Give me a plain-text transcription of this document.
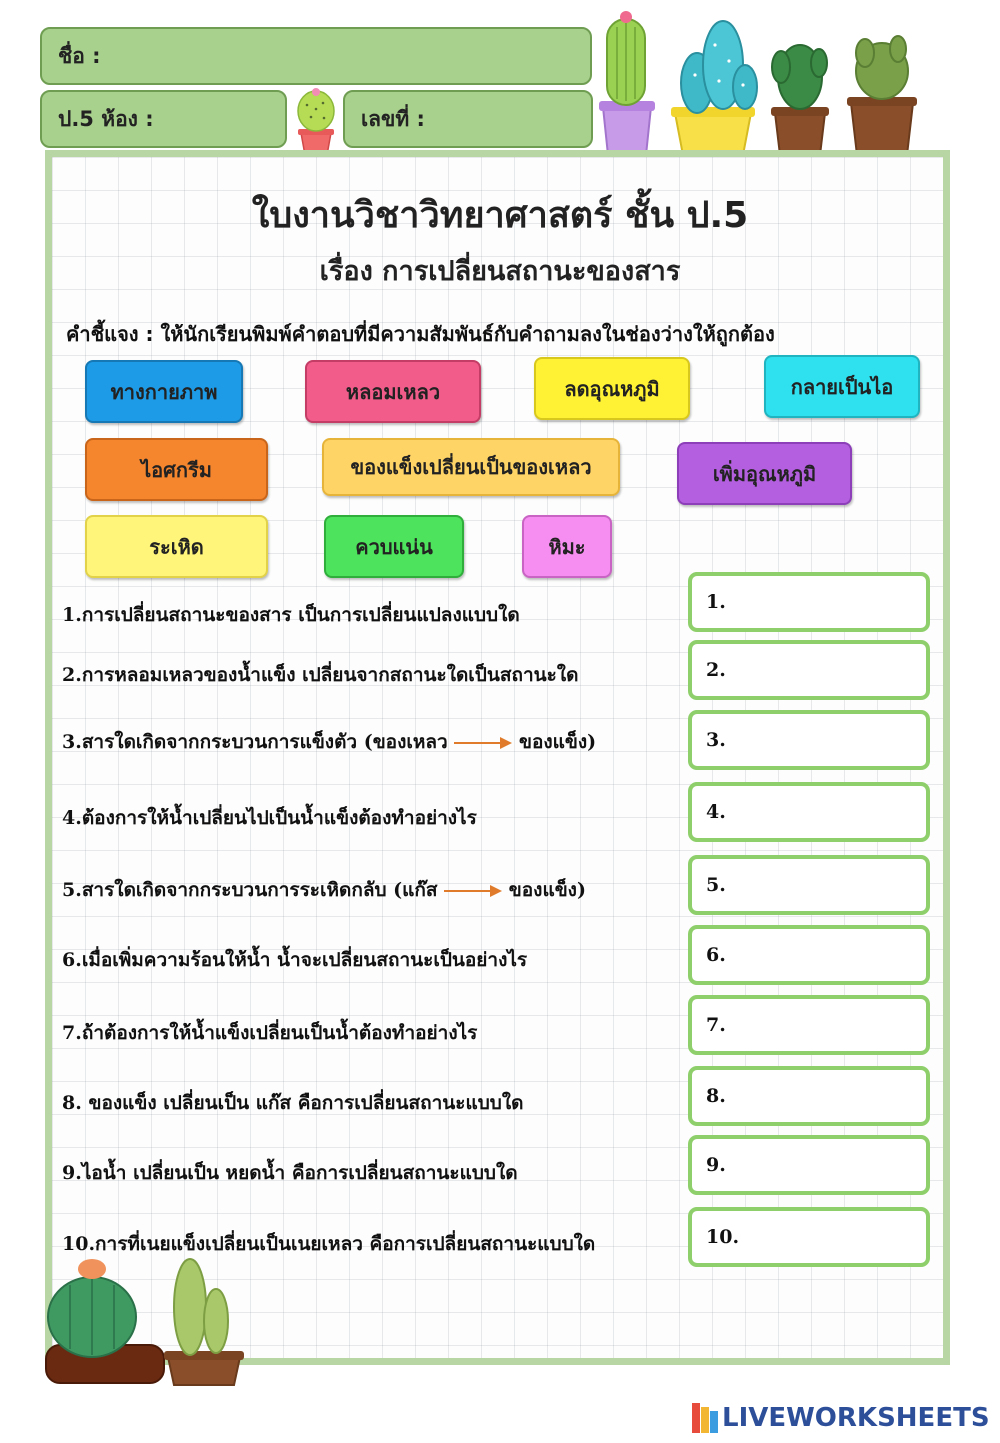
ชื่อ :
ป.5 ห้อง :	เลขที่ :
ใบงานวิชาวิทยาศาสตร์ ชั้น ป.5
เรื่อง การเปลี่ยนสถานะของสาร
คำชี้แจง : ให้นักเรียนพิมพ์คำตอบที่มีความสัมพันธ์กับคำถามลงในช่องว่างให้ถูกต้อง
ทางกายภาพ	หลอมเหลว	ลดอุณหภูมิ	กลายเป็นไอ
ไอศกรีม	ของแข็งเปลี่ยนเป็นของเหลว	เพิ่มอุณหภูมิ
ระเหิด	ควบแน่น	หิมะ
1.การเปลี่ยนสถานะของสาร เป็นการเปลี่ยนแปลงแบบใด
2.การหลอมเหลวของน้ำแข็ง เปลี่ยนจากสถานะใดเป็นสถานะใด
3.สารใดเกิดจากกระบวนการแข็งตัว (ของเหลว	ของแข็ง)
4.ต้องการให้น้ำเปลี่ยนไปเป็นน้ำแข็งต้องทำอย่างไร
5.สารใดเกิดจากกระบวนการระเหิดกลับ (แก๊ส	ของแข็ง)
6.เมื่อเพิ่มความร้อนให้น้ำ น้ำจะเปลี่ยนสถานะเป็นอย่างไร
7.ถ้าต้องการให้น้ำแข็งเปลี่ยนเป็นน้ำต้องทำอย่างไร
8. ของแข็ง เปลี่ยนเป็น แก๊ส คือการเปลี่ยนสถานะแบบใด
9.ไอน้ำ เปลี่ยนเป็น หยดน้ำ คือการเปลี่ยนสถานะแบบใด
10.การที่เนยแข็งเปลี่ยนเป็นเนยเหลว คือการเปลี่ยนสถานะแบบใด
1.
2.
3.
4.
5.
6.
7.
8.
9.
10.
LIVEWORKSHEETS
